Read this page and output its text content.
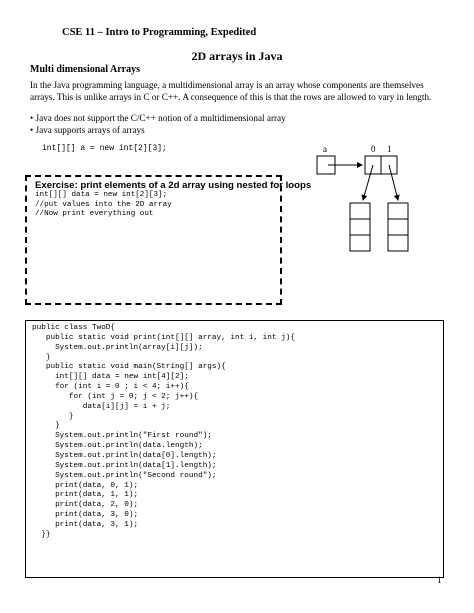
CSE 11 – Intro to Programming, Expedited
2D arrays in Java
Multi dimensional Arrays
In the Java programming language, a multidimensional array is an array whose components are themselves arrays. This is unlike arrays in C or C++. A consequence of this is that the rows are allowed to vary in length.
• Java does not support the C/C++ notion of a multidimensional array
• Java supports arrays of arrays
int[][] a = new int[2][3];	a	0 1
Exercise: print elements of a 2d array using nested for loops
int[][] data = new int[2][3];
//put values into the 2D array
//Now print everything out
public class TwoD{
public static void print(int[][] array, int i, int j){
System.out.println(array[i][j]);
}
public static void main(String[] args){
int[][] data = new int[4][2];
for (int i = 0 ; i < 4; i++){
for (int j = 0; j < 2; j++){
data[i][j] = i + j;
}
}
System.out.println("First round");
System.out.println(data.length);
System.out.println(data[0].length);
System.out.println(data[1].length);
System.out.println("Second round");
print(data, 0, 1);
print(data, 1, 1);
print(data, 2, 0);
print(data, 3, 0);
print(data, 3, 1);
}}
1
